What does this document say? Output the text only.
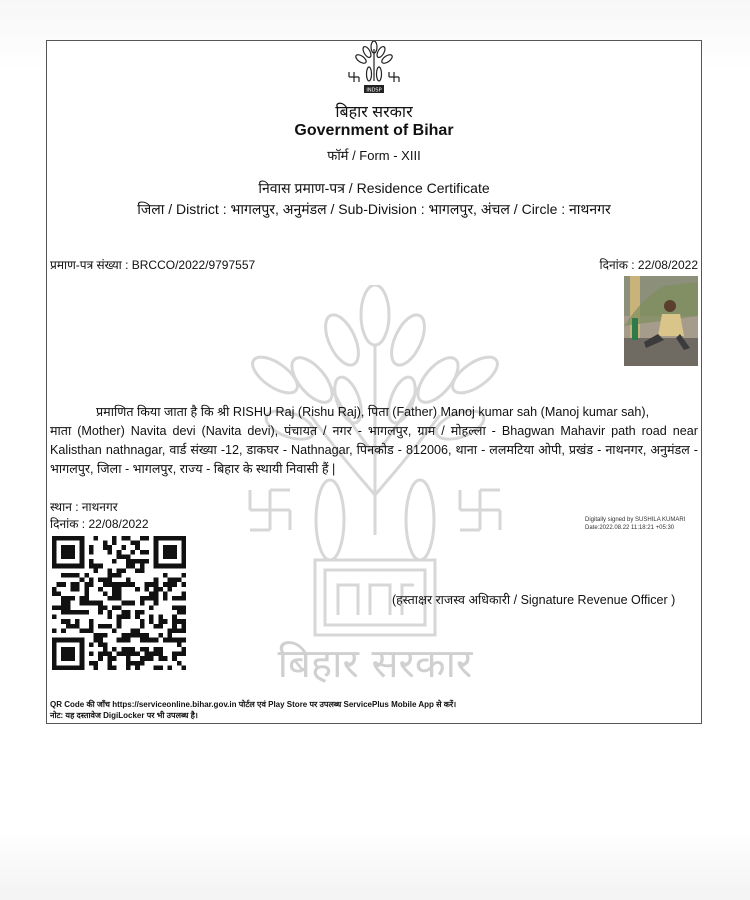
बिहार सरकार
INDSP
बिहार सरकार
Government of Bihar
फॉर्म / Form - XIII
निवास प्रमाण-पत्र / Residence Certificate
जिला / District : भागलपुर, अनुमंडल / Sub-Division : भागलपुर, अंचल / Circle : नाथनगर
प्रमाण-पत्र संख्या : BRCCO/2022/9797557	दिनांक : 22/08/2022
प्रमाणित किया जाता है कि श्री RISHU Raj (Rishu Raj), पिता (Father) Manoj kumar sah (Manoj kumar sah),
माता (Mother) Navita devi (Navita devi), पंचायत / नगर - भागलपुर, ग्राम / मोहल्ला - Bhagwan Mahavir path road near Kalisthan nathnagar, वार्ड संख्या -12, डाकघर - Nathnagar, पिनकोड - 812006, थाना - ललमटिया ओपी, प्रखंड - नाथनगर, अनुमंडल - भागलपुर, जिला - भागलपुर, राज्य - बिहार के स्थायी निवासी हैं |
स्थान : नाथनगर
दिनांक : 22/08/2022	Digitally signed by SUSHILA KUMARI
Date:2022.08.22 11:18:21 +05:30
(हस्ताक्षर राजस्व अधिकारी / Signature Revenue Officer )
QR Code की जाँच https://serviceonline.bihar.gov.in पोर्टल एवं Play Store पर उपलब्ध ServicePlus Mobile App से करें।
नोट: यह दस्तावेज DigiLocker पर भी उपलब्ध है।
